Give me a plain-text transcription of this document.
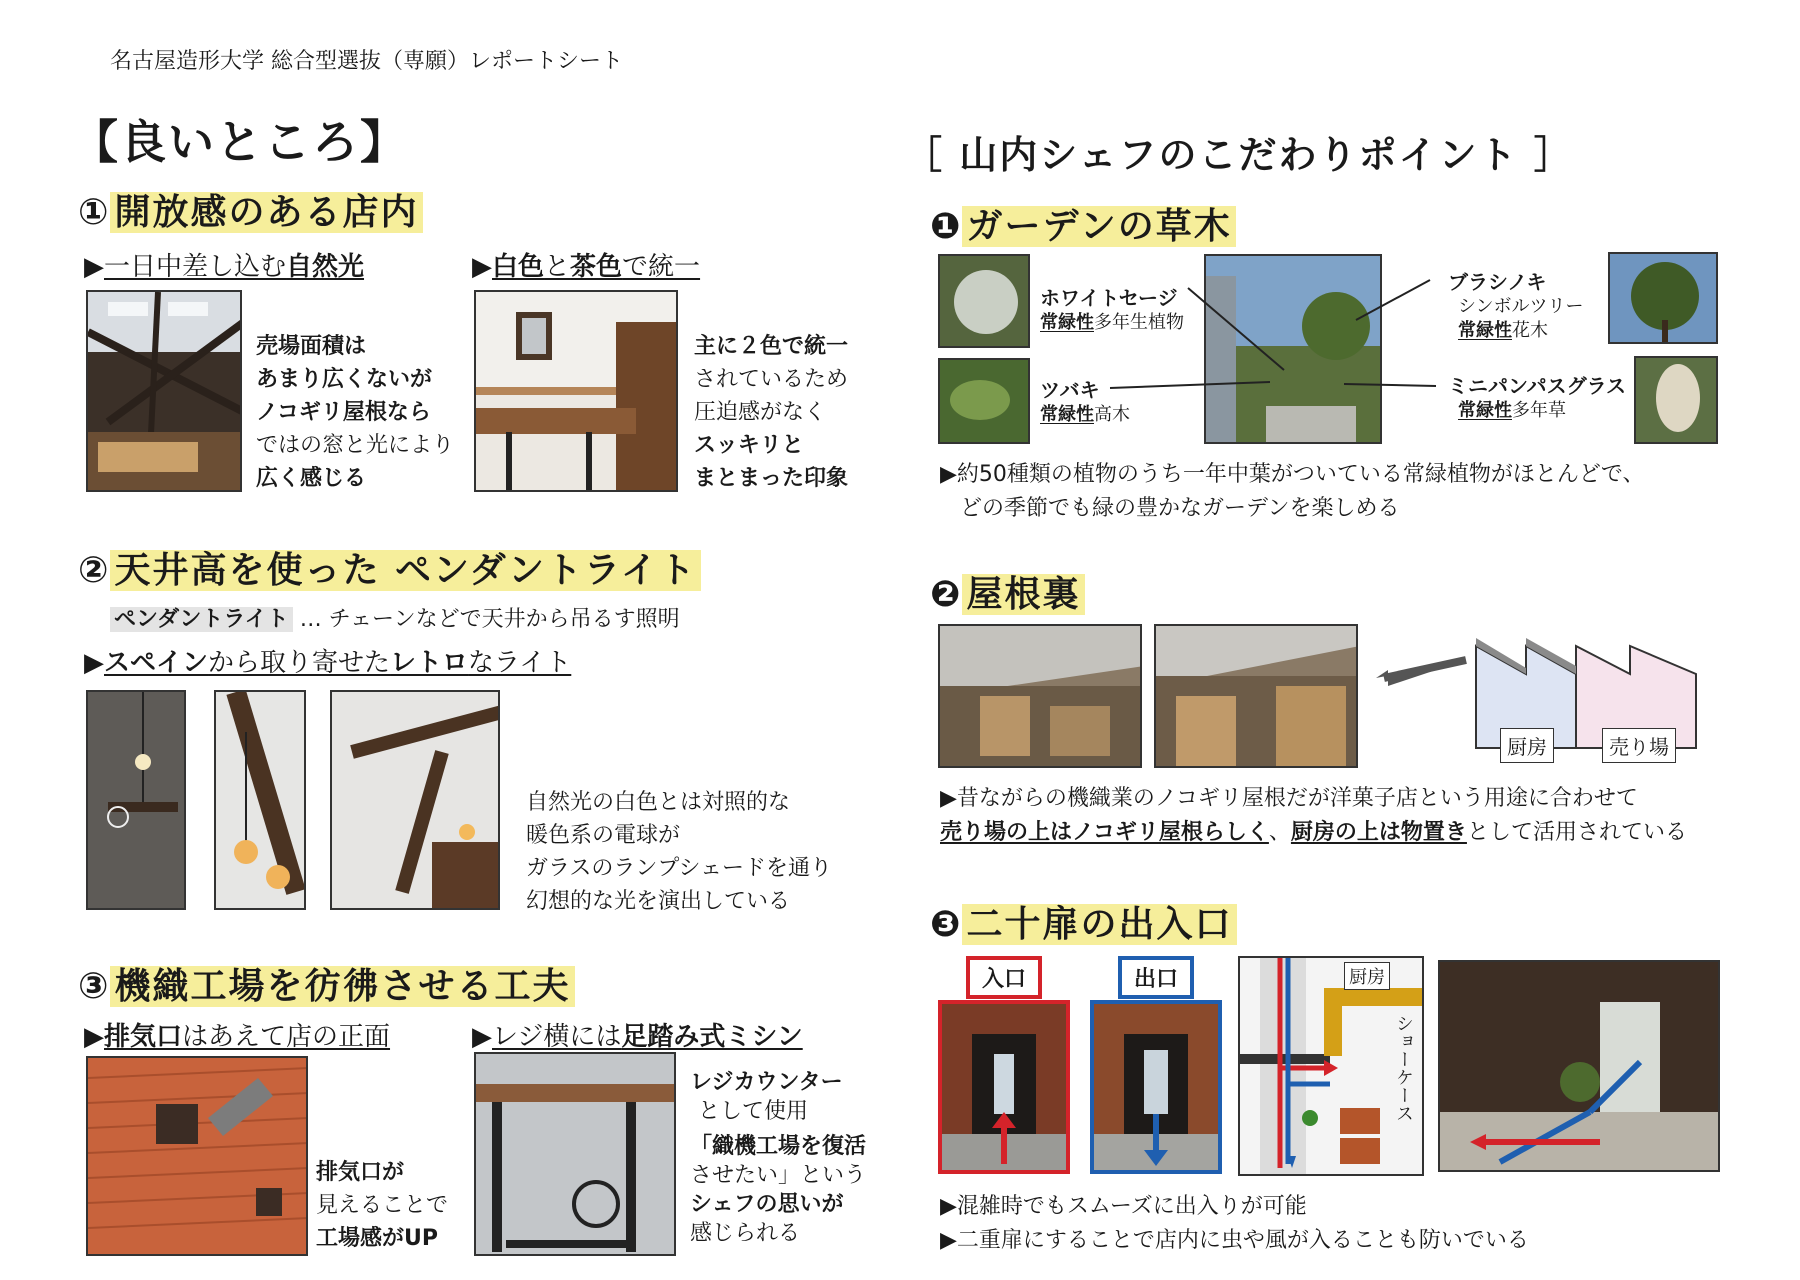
名古屋造形大学 総合型選抜（専願）レポートシート
【良いところ】
① 開放感のある店内
▶一日中差し込む自然光	▶白色と茶色で統一
売場面積は
あまり広くないが
ノコギリ屋根なら
ではの窓と光により
広く感じる
主に２色で統一
されているため
圧迫感がなく
スッキリと
まとまった印象
② 天井高を使った ペンダントライト
ペンダントライト … チェーンなどで天井から吊るす照明
▶スペインから取り寄せたレトロなライト
自然光の白色とは対照的な
暖色系の電球が
ガラスのランプシェードを通り
幻想的な光を演出している
③ 機織工場を彷彿させる工夫
▶排気口はあえて店の正面	▶レジ横には足踏み式ミシン
排気口が
見えることで
工場感がUP
レジカウンター
として使用
「織機工場を復活
させたい」という
シェフの思いが
感じられる
［ 山内シェフのこだわりポイント ］
❶ ガーデンの草木
ホワイトセージ
常緑性多年生植物
ツバキ
常緑性高木
ブラシノキ
シンボルツリー
常緑性花木
ミニパンパスグラス
常緑性多年草
▶約50種類の植物のうち一年中葉がついている常緑植物がほとんどで、
どの季節でも緑の豊かなガーデンを楽しめる
❷ 屋根裏
厨房	売り場
▶昔ながらの機織業のノコギリ屋根だが洋菓子店という用途に合わせて
売り場の上はノコギリ屋根らしく、厨房の上は物置きとして活用されている
❸ 二十扉の出入口
入口	出口	厨房
ショーケース
▶混雑時でもスムーズに出入りが可能
▶二重扉にすることで店内に虫や風が入ることも防いでいる
